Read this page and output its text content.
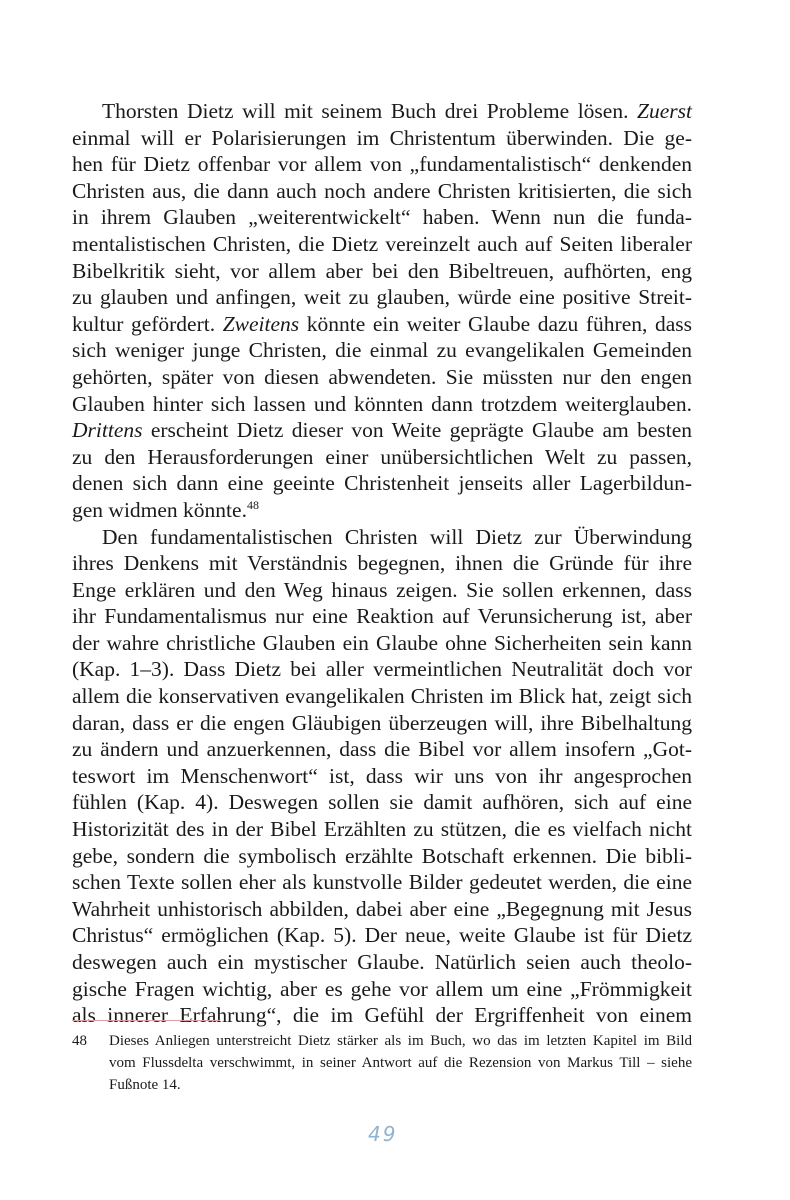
Thorsten Dietz will mit seinem Buch drei Probleme lösen. Zuerst
einmal will er Polarisierungen im Christentum überwinden. Die ge-
hen für Dietz offenbar vor allem von „fundamentalistisch“ denkenden
Christen aus, die dann auch noch andere Christen kritisierten, die sich
in ihrem Glauben „weiterentwickelt“ haben. Wenn nun die funda-
mentalistischen Christen, die Dietz vereinzelt auch auf Seiten liberaler
Bibelkritik sieht, vor allem aber bei den Bibeltreuen, aufhörten, eng
zu glauben und anfingen, weit zu glauben, würde eine positive Streit-
kultur gefördert. Zweitens könnte ein weiter Glaube dazu führen, dass
sich weniger junge Christen, die einmal zu evangelikalen Gemeinden
gehörten, später von diesen abwendeten. Sie müssten nur den engen
Glauben hinter sich lassen und könnten dann trotzdem weiterglauben.
Drittens erscheint Dietz dieser von Weite geprägte Glaube am besten
zu den Herausforderungen einer unübersichtlichen Welt zu passen,
denen sich dann eine geeinte Christenheit jenseits aller Lagerbildun-
gen widmen könnte.$^{48}$

Den fundamentalistischen Christen will Dietz zur Überwindung
ihres Denkens mit Verständnis begegnen, ihnen die Gründe für ihre
Enge erklären und den Weg hinaus zeigen. Sie sollen erkennen, dass
ihr Fundamentalismus nur eine Reaktion auf Verunsicherung ist, aber
der wahre christliche Glauben ein Glaube ohne Sicherheiten sein kann
(Kap. 1–3). Dass Dietz bei aller vermeintlichen Neutralität doch vor
allem die konservativen evangelikalen Christen im Blick hat, zeigt sich
daran, dass er die engen Gläubigen überzeugen will, ihre Bibelhaltung
zu ändern und anzuerkennen, dass die Bibel vor allem insofern „Got-
teswort im Menschenwort“ ist, dass wir uns von ihr angesprochen
fühlen (Kap. 4). Deswegen sollen sie damit aufhören, sich auf eine
Historizität des in der Bibel Erzählten zu stützen, die es vielfach nicht
gebe, sondern die symbolisch erzählte Botschaft erkennen. Die bibli-
schen Texte sollen eher als kunstvolle Bilder gedeutet werden, die eine
Wahrheit unhistorisch abbilden, dabei aber eine „Begegnung mit Jesus
Christus“ ermöglichen (Kap. 5). Der neue, weite Glaube ist für Dietz
deswegen auch ein mystischer Glaube. Natürlich seien auch theolo-
gische Fragen wichtig, aber es gehe vor allem um eine „Frömmigkeit
als innerer Erfahrung“, die im Gefühl der Ergriffenheit von einem

48 Dieses Anliegen unterstreicht Dietz stärker als im Buch, wo das im letzten Kapitel im Bild
vom Flussdelta verschwimmt, in seiner Antwort auf die Rezension von Markus Till – siehe
Fußnote 14.
49
